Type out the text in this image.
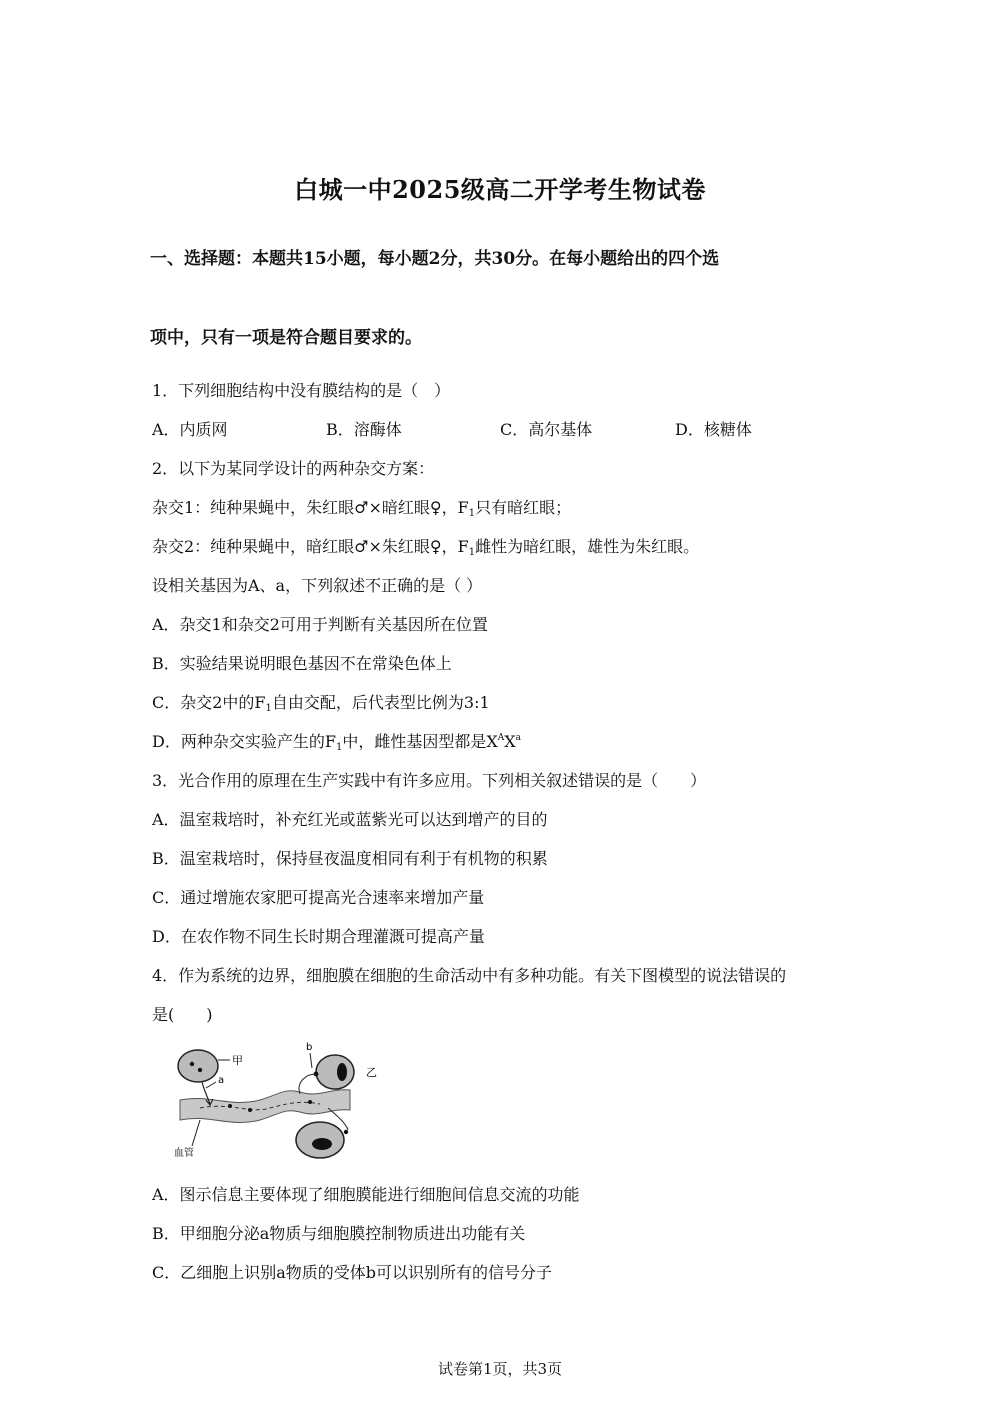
白城一中2025级高二开学考生物试卷
一、选择题：本题共15小题，每小题2分，共30分。在每小题给出的四个选
项中，只有一项是符合题目要求的。
1．下列细胞结构中没有膜结构的是（　）
A．内质网	B．溶酶体	C．高尔基体	D．核糖体
2．以下为某同学设计的两种杂交方案：
杂交1：纯种果蝇中，朱红眼♂×暗红眼♀，$F_1$只有暗红眼；
杂交2：纯种果蝇中，暗红眼♂×朱红眼♀，$F_1$雌性为暗红眼，雄性为朱红眼。
设相关基因为A、a，下列叙述不正确的是（ ）
A．杂交1和杂交2可用于判断有关基因所在位置
B．实验结果说明眼色基因不在常染色体上
C．杂交2中的$F_1$自由交配，后代表型比例为3:1
D．两种杂交实验产生的$F_1$中，雌性基因型都是$X^AX^a$
3．光合作用的原理在生产实践中有许多应用。下列相关叙述错误的是（　　）
A．温室栽培时，补充红光或蓝紫光可以达到增产的目的
B．温室栽培时，保持昼夜温度相同有利于有机物的积累
C．通过增施农家肥可提高光合速率来增加产量
D．在农作物不同生长时期合理灌溉可提高产量
4．作为系统的边界，细胞膜在细胞的生命活动中有多种功能。有关下图模型的说法错误的
是(　　)
甲
a
乙
b
血管
A．图示信息主要体现了细胞膜能进行细胞间信息交流的功能
B．甲细胞分泌a物质与细胞膜控制物质进出功能有关
C．乙细胞上识别a物质的受体b可以识别所有的信号分子
试卷第1页，共3页
